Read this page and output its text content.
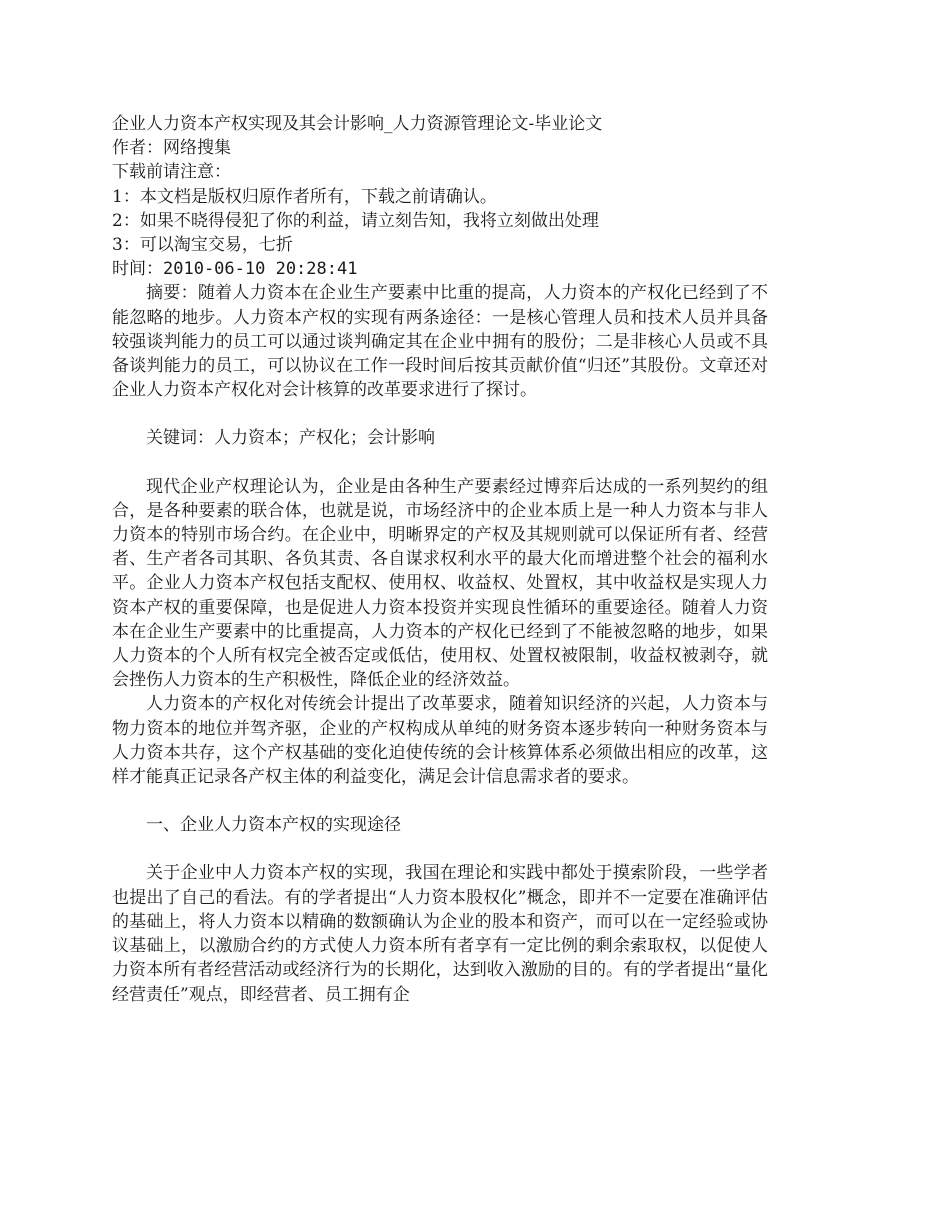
企业人力资本产权实现及其会计影响_人力资源管理论文-毕业论文

作者：网络搜集

下载前请注意：

1：本文档是版权归原作者所有，下载之前请确认。

2：如果不晓得侵犯了你的利益，请立刻告知，我将立刻做出处理

3：可以淘宝交易，七折

时间：2010-06-10 20:28:41

摘要：随着人力资本在企业生产要素中比重的提高，人力资本的产权化已经到了不能忽略的地步。人力资本产权的实现有两条途径：一是核心管理人员和技术人员并具备较强谈判能力的员工可以通过谈判确定其在企业中拥有的股份；二是非核心人员或不具备谈判能力的员工，可以协议在工作一段时间后按其贡献价值“归还”其股份。文章还对企业人力资本产权化对会计核算的改革要求进行了探讨。

关键词：人力资本；产权化；会计影响

现代企业产权理论认为，企业是由各种生产要素经过博弈后达成的一系列契约的组合，是各种要素的联合体，也就是说，市场经济中的企业本质上是一种人力资本与非人力资本的特别市场合约。在企业中，明晰界定的产权及其规则就可以保证所有者、经营者、生产者各司其职、各负其责、各自谋求权利水平的最大化而增进整个社会的福利水平。企业人力资本产权包括支配权、使用权、收益权、处置权，其中收益权是实现人力资本产权的重要保障，也是促进人力资本投资并实现良性循环的重要途径。随着人力资本在企业生产要素中的比重提高，人力资本的产权化已经到了不能被忽略的地步，如果人力资本的个人所有权完全被否定或低估，使用权、处置权被限制，收益权被剥夺，就会挫伤人力资本的生产积极性，降低企业的经济效益。

人力资本的产权化对传统会计提出了改革要求，随着知识经济的兴起，人力资本与物力资本的地位并驾齐驱，企业的产权构成从单纯的财务资本逐步转向一种财务资本与人力资本共存，这个产权基础的变化迫使传统的会计核算体系必须做出相应的改革，这样才能真正记录各产权主体的利益变化，满足会计信息需求者的要求。

一、企业人力资本产权的实现途径

关于企业中人力资本产权的实现，我国在理论和实践中都处于摸索阶段，一些学者也提出了自己的看法。有的学者提出“人力资本股权化”概念，即并不一定要在准确评估的基础上，将人力资本以精确的数额确认为企业的股本和资产，而可以在一定经验或协议基础上，以激励合约的方式使人力资本所有者享有一定比例的剩余索取权，以促使人力资本所有者经营活动或经济行为的长期化，达到收入激励的目的。有的学者提出“量化经营责任”观点，即经营者、员工拥有企
